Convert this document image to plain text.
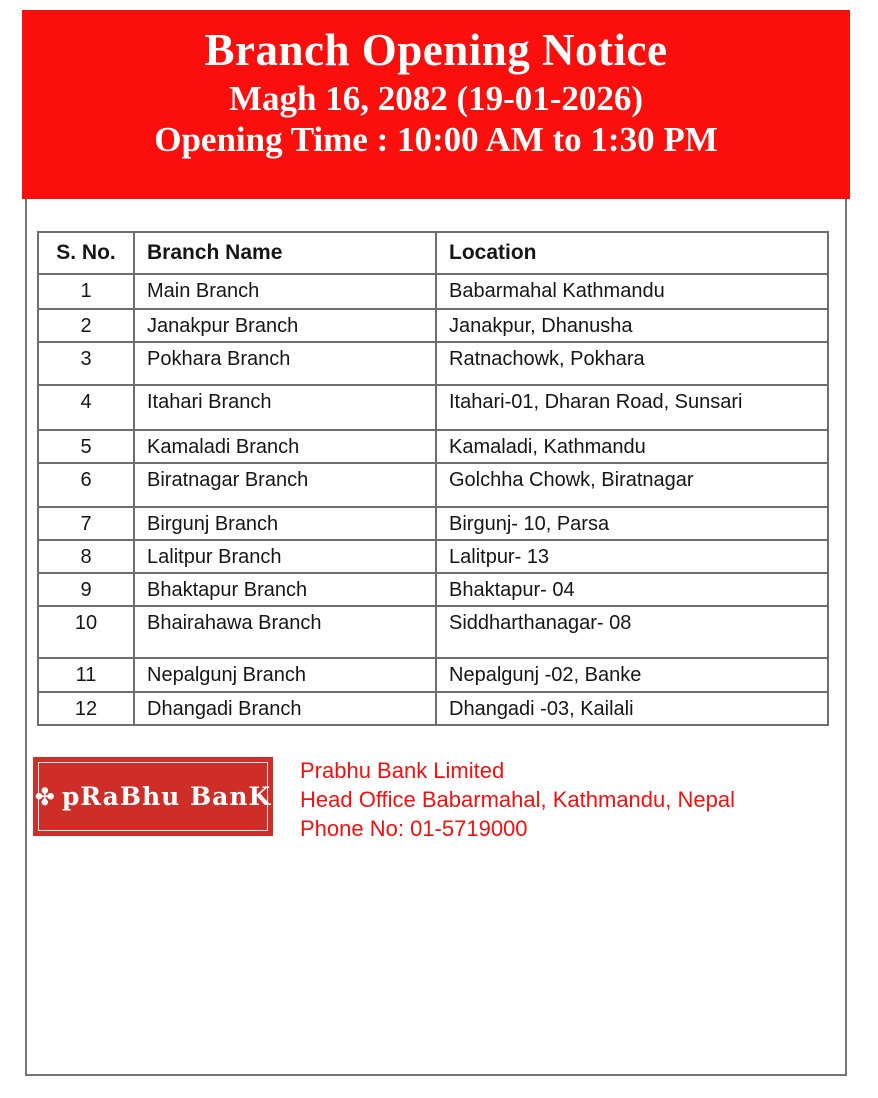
Branch Opening Notice
Magh 16, 2082 (19-01-2026)
Opening Time : 10:00 AM to 1:30 PM
S. No.	Branch Name	Location
1	Main Branch	Babarmahal Kathmandu
2	Janakpur Branch	Janakpur, Dhanusha
3	Pokhara Branch	Ratnachowk, Pokhara
4	Itahari Branch	Itahari-01, Dharan Road, Sunsari
5	Kamaladi Branch	Kamaladi, Kathmandu
6	Biratnagar Branch	Golchha Chowk, Biratnagar
7	Birgunj Branch	Birgunj- 10, Parsa
8	Lalitpur Branch	Lalitpur- 13
9	Bhaktapur Branch	Bhaktapur- 04
10	Bhairahawa Branch	Siddharthanagar- 08
11	Nepalgunj Branch	Nepalgunj -02, Banke
12	Dhangadi Branch	Dhangadi -03, Kailali
✤ pRaBhu BanK
Prabhu Bank Limited
Head Office Babarmahal, Kathmandu, Nepal
Phone No: 01-5719000
